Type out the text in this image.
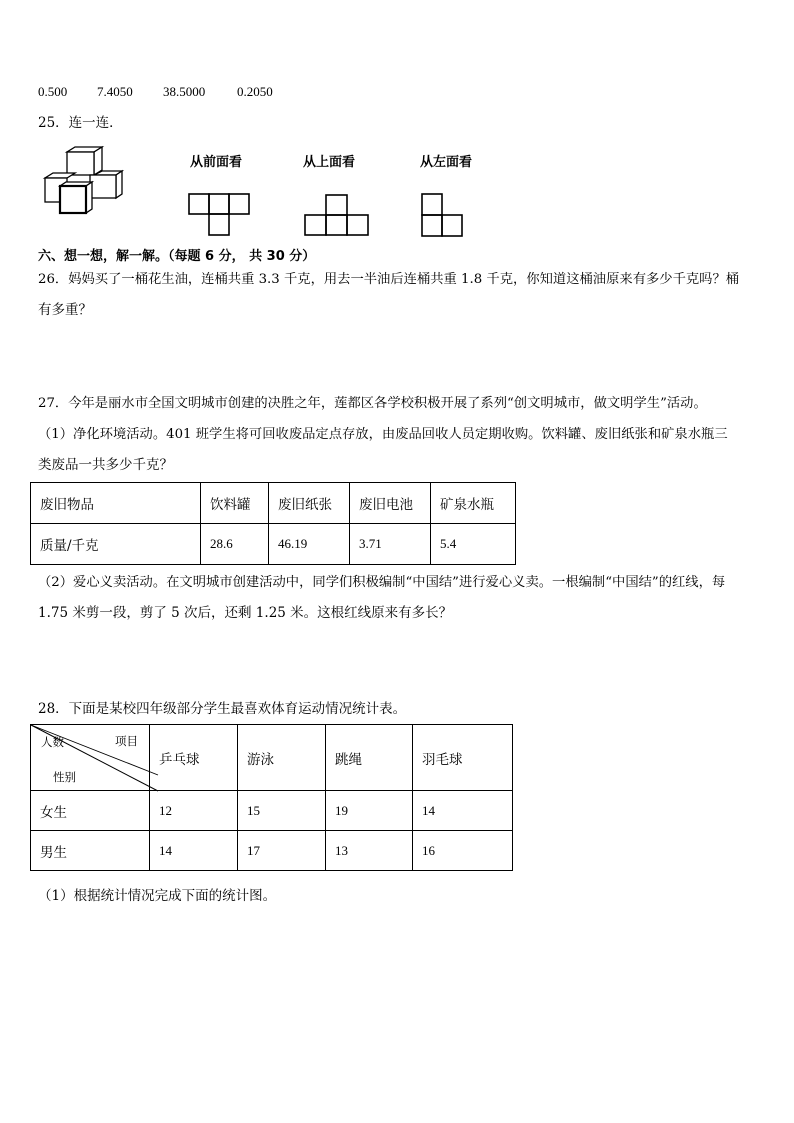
0.500 7.4050 38.5000 0.2050
25．连一连．
从前面看	从上面看	从左面看
六、想一想，解一解。（每题 6 分， 共 30 分）
26．妈妈买了一桶花生油，连桶共重 3.3 千克，用去一半油后连桶共重 1.8 千克，你知道这桶油原来有多少千克吗？桶
有多重？
27．今年是丽水市全国文明城市创建的决胜之年，莲都区各学校积极开展了系列“创文明城市，做文明学生”活动。
（1）净化环境活动。401 班学生将可回收废品定点存放，由废品回收人员定期收购。饮料罐、废旧纸张和矿泉水瓶三
类废品一共多少千克？
废旧物品	饮料罐	废旧纸张	废旧电池	矿泉水瓶
质量/千克	28.6	46.19	3.71	5.4
（2）爱心义卖活动。在文明城市创建活动中，同学们积极编制“中国结”进行爱心义卖。一根编制“中国结”的红线，每
1.75 米剪一段，剪了 5 次后，还剩 1.25 米。这根红线原来有多长？
28．下面是某校四年级部分学生最喜欢体育运动情况统计表。
人数 项目
性别	乒乓球	游泳	跳绳	羽毛球
女生	12	15	19	14
男生	14	17	13	16
（1）根据统计情况完成下面的统计图。
